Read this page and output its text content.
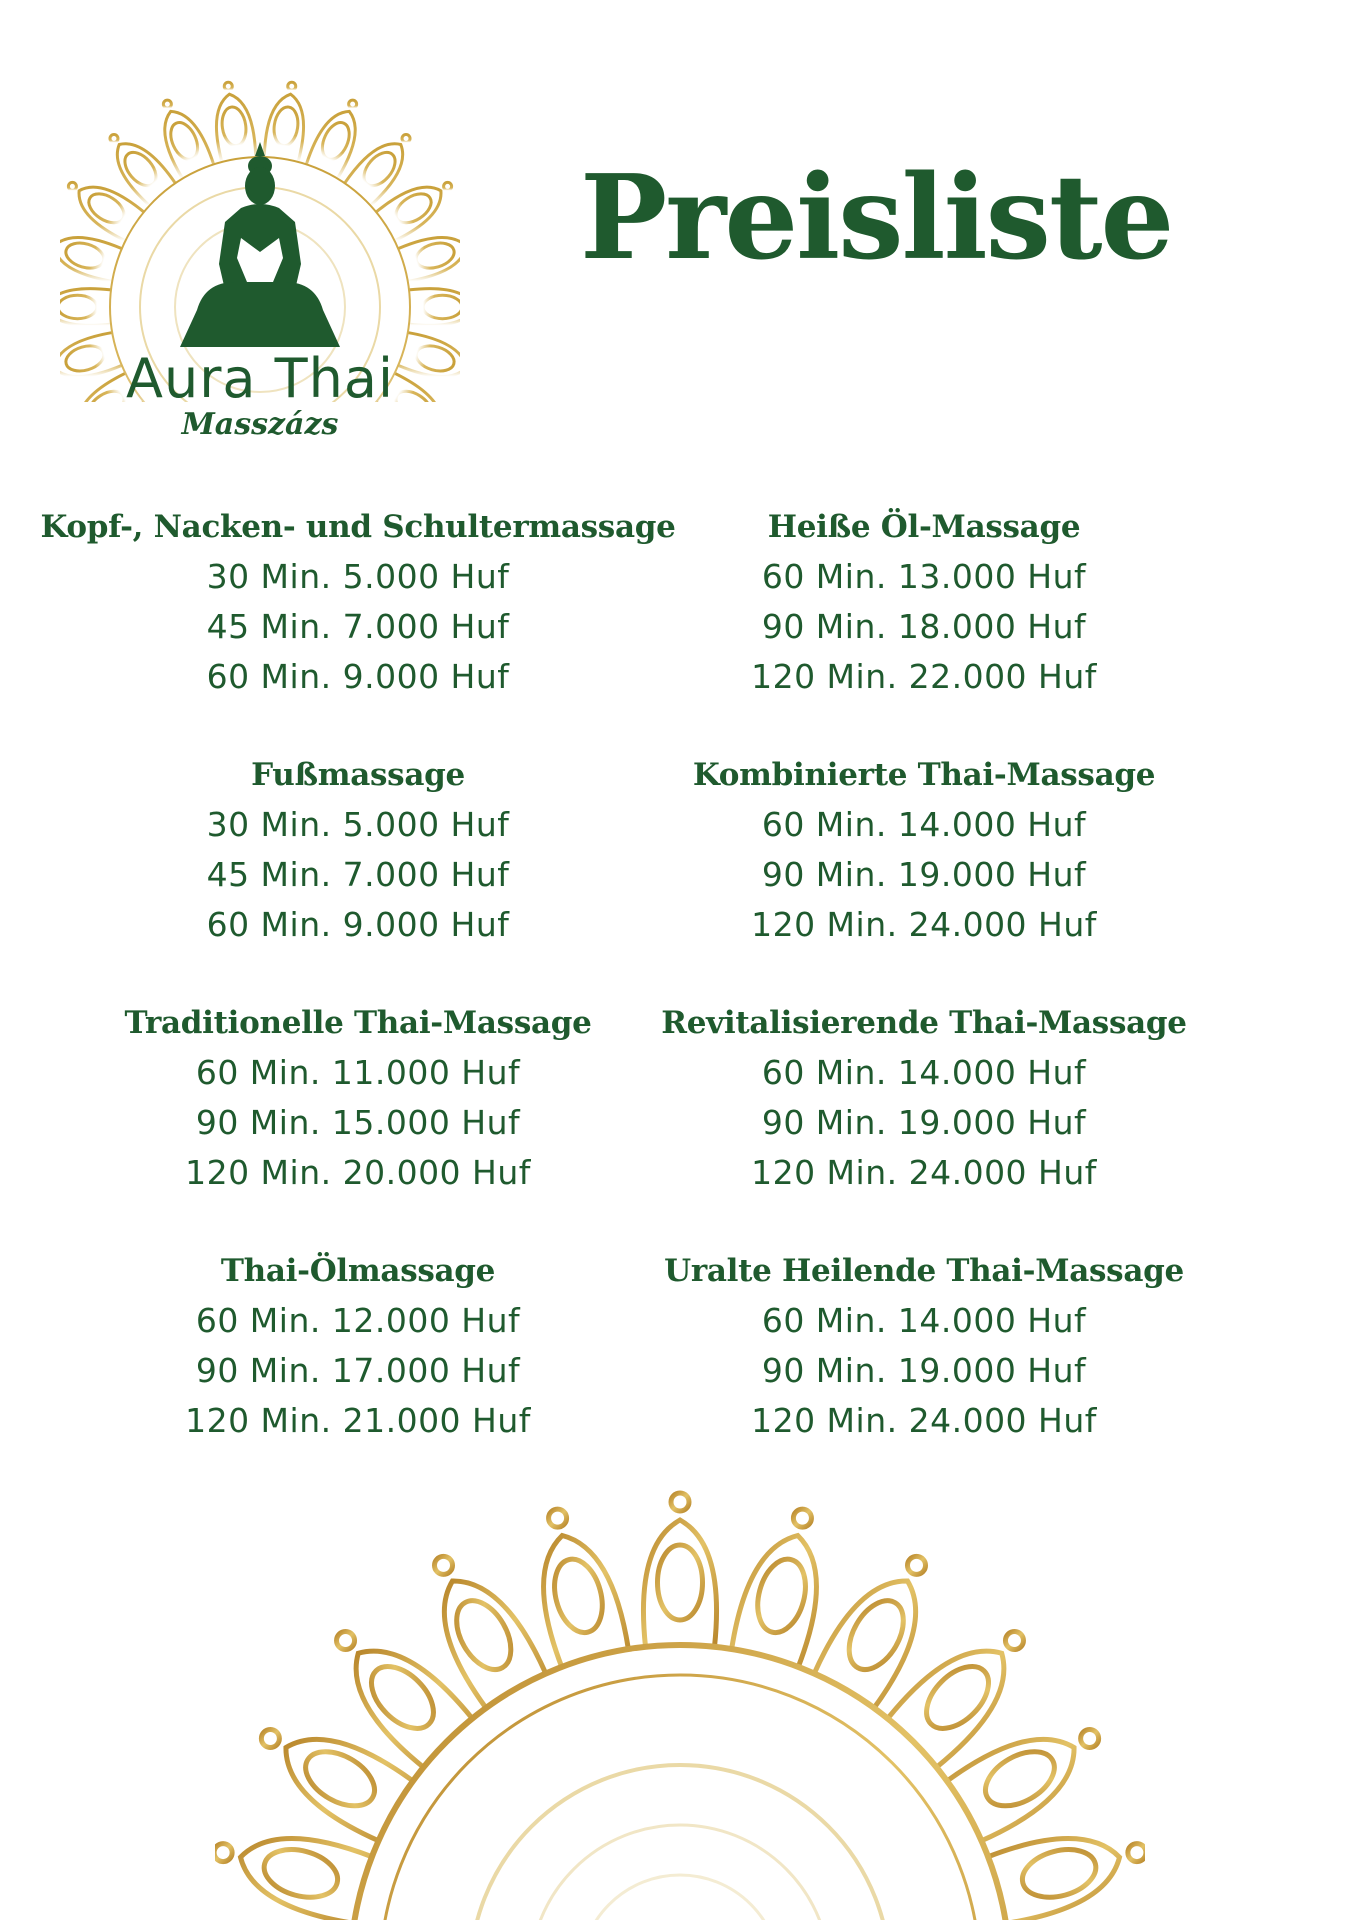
Aura Thai
Masszázs
Preisliste
Kopf-, Nacken- und Schultermassage
30 Min. 5.000 Huf
45 Min. 7.000 Huf
60 Min. 9.000 Huf
Heiße Öl-Massage
60 Min. 13.000 Huf
90 Min. 18.000 Huf
120 Min. 22.000 Huf
Fußmassage
30 Min. 5.000 Huf
45 Min. 7.000 Huf
60 Min. 9.000 Huf
Kombinierte Thai-Massage
60 Min. 14.000 Huf
90 Min. 19.000 Huf
120 Min. 24.000 Huf
Traditionelle Thai-Massage
60 Min. 11.000 Huf
90 Min. 15.000 Huf
120 Min. 20.000 Huf
Revitalisierende Thai-Massage
60 Min. 14.000 Huf
90 Min. 19.000 Huf
120 Min. 24.000 Huf
Thai-Ölmassage
60 Min. 12.000 Huf
90 Min. 17.000 Huf
120 Min. 21.000 Huf
Uralte Heilende Thai-Massage
60 Min. 14.000 Huf
90 Min. 19.000 Huf
120 Min. 24.000 Huf
